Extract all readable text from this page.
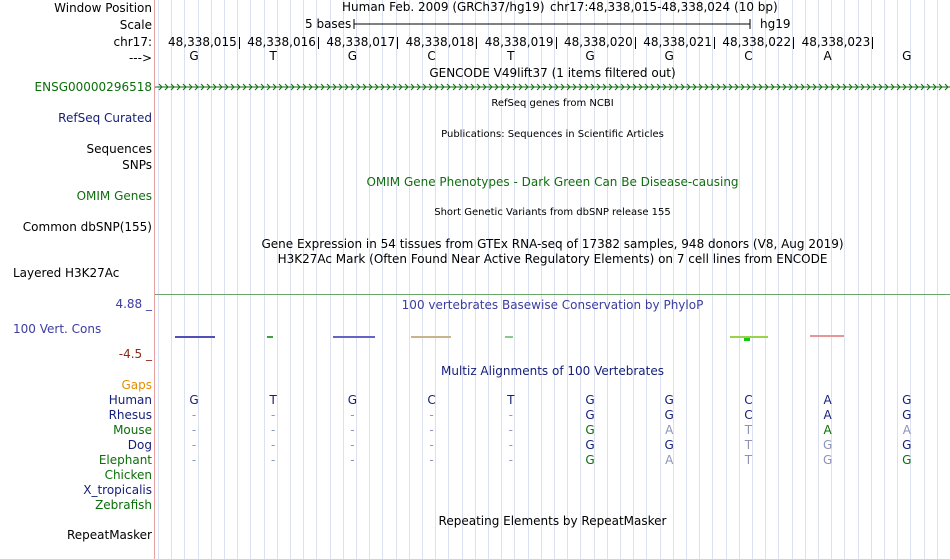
Window Position
Scale
chr17:
--->
ENSG00000296518
RefSeq Curated
Sequences
SNPs
OMIM Genes
Common dbSNP(155)
Layered H3K27Ac
4.88 _
100 Vert. Cons
-4.5 _
Gaps
Human
Rhesus
Mouse
Dog
Elephant
Chicken
X_tropicalis
Zebrafish
RepeatMasker
Human Feb. 2009 (GRCh37/hg19) chr17:48,338,015-48,338,024 (10 bp)
5 bases	hg19
48,338,015 48,338,016 48,338,017 48,338,018 48,338,019 48,338,020 48,338,021 48,338,022 48,338,023
G	T	G	C	T	G	G	C	A	G
GENCODE V49lift37 (1 items filtered out)
RefSeq genes from NCBI
Publications: Sequences in Scientific Articles
OMIM Gene Phenotypes - Dark Green Can Be Disease-causing
Short Genetic Variants from dbSNP release 155
Gene Expression in 54 tissues from GTEx RNA-seq of 17382 samples, 948 donors (V8, Aug 2019)
H3K27Ac Mark (Often Found Near Active Regulatory Elements) on 7 cell lines from ENCODE
100 vertebrates Basewise Conservation by PhyloP
Multiz Alignments of 100 Vertebrates
G	T	G	C	T	G	G	C	A	G
-	-	-	-	-	G	G	C	A	G
-	-	-	-	-	G	A	T	A	A
-	-	-	-	-	G	G	T	G	G
-	-	-	-	-	G	A	T	G	G
Repeating Elements by RepeatMasker
